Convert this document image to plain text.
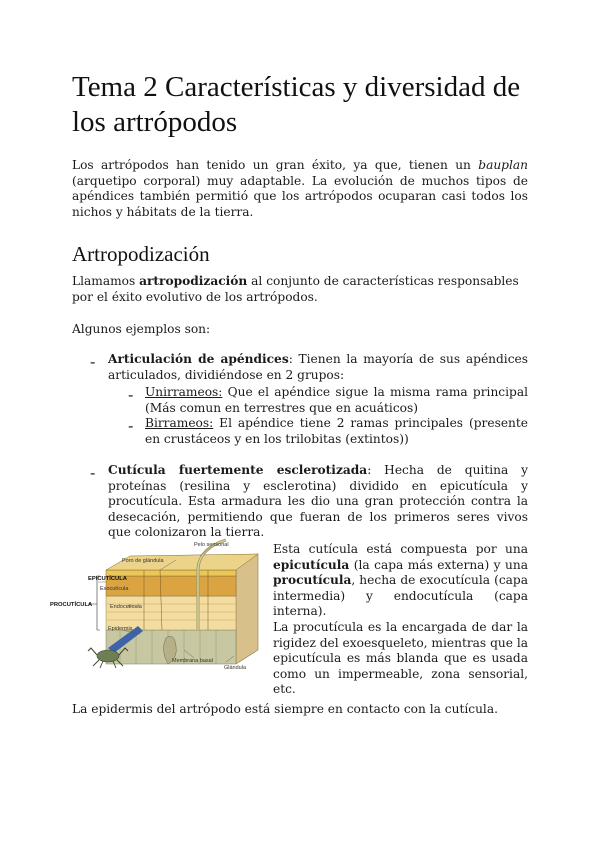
Tema 2 Características y diversidad de los artrópodos

Los artrópodos han tenido un gran éxito, ya que, tienen un bauplan (arquetipo corporal) muy adaptable. La evolución de muchos tipos de apéndices también permitió que los artrópodos ocuparan casi todos los nichos y hábitats de la tierra.

Artropodización

Llamamos artropodización al conjunto de características responsables por el éxito evolutivo de los artrópodos.

Algunos ejemplos son:

- Articulación de apéndices: Tienen la mayoría de sus apéndices articulados, dividiéndose en 2 grupos:

- Unirrameos: Que el apéndice sigue la misma rama principal (Más comun en terrestres que en acuáticos)

- Birrameos: El apéndice tiene 2 ramas principales (presente en crustáceos y en los trilobitas (extintos))

- Cutícula fuertemente esclerotizada: Hecha de quitina y proteínas (resilina y esclerotina) dividido en epicutícula y procutícula. Esta armadura les dio una gran protección contra la desecación, permitiendo que fueran de los primeros seres vivos que colonizaron la tierra.

Pelo sensorial
Poro de glándula
EPICUTÍCULA
Exocutícula
Endocutícula
PROCUTÍCULA
Epidermis
Membrana basal
Glándula

Esta cutícula está compuesta por una epicutícula (la capa más externa) y una procutícula, hecha de exocutícula (capa intermedia) y endocutícula (capa interna).

La procutícula es la encargada de dar la rigidez del exoesqueleto, mientras que la epicutícula es más blanda que es usada como un impermeable, zona sensorial, etc.

La epidermis del artrópodo está siempre en contacto con la cutícula.
